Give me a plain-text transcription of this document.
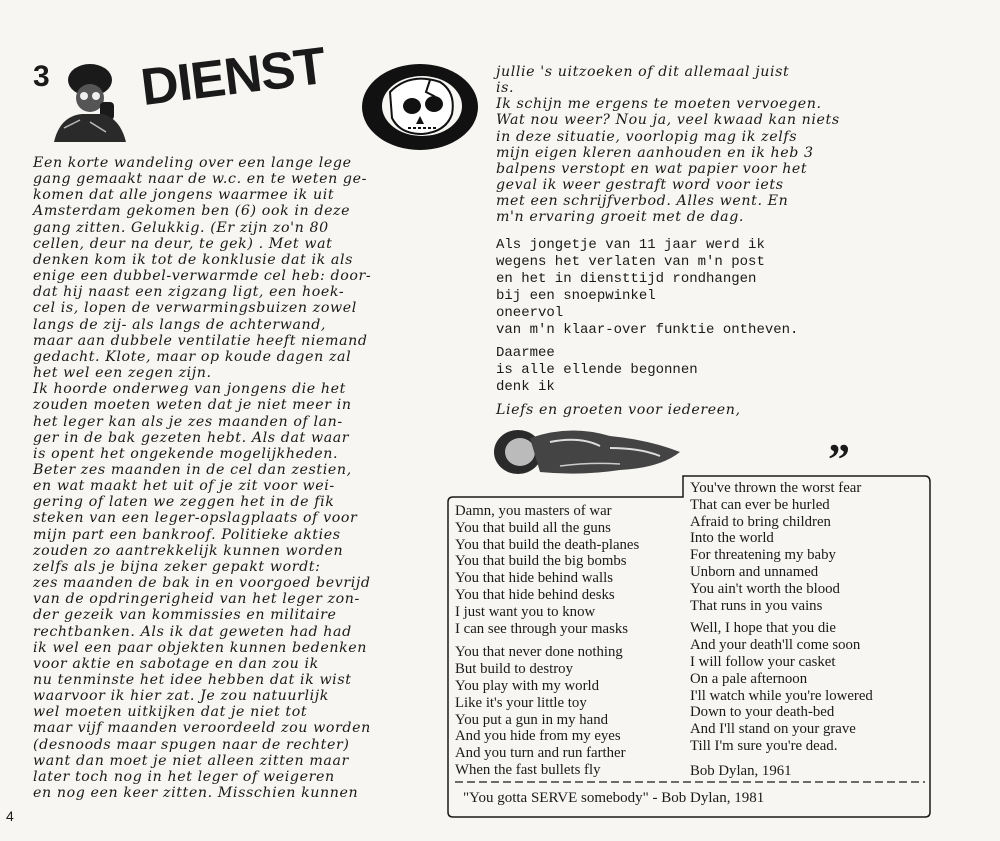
3 DIENST
Een korte wandeling over een lange lege
gang gemaakt naar de w.c. en te weten ge-
komen dat alle jongens waarmee ik uit
Amsterdam gekomen ben (6) ook in deze
gang zitten. Gelukkig. (Er zijn zo'n 80
cellen, deur na deur, te gek) . Met wat
denken kom ik tot de konklusie dat ik als
enige een dubbel-verwarmde cel heb: door-
dat hij naast een zigzang ligt, een hoek-
cel is, lopen de verwarmingsbuizen zowel
langs de zij- als langs de achterwand,
maar aan dubbele ventilatie heeft niemand
gedacht. Klote, maar op koude dagen zal
het wel een zegen zijn.
Ik hoorde onderweg van jongens die het
zouden moeten weten dat je niet meer in
het leger kan als je zes maanden of lan-
ger in de bak gezeten hebt. Als dat waar
is opent het ongekende mogelijkheden.
Beter zes maanden in de cel dan zestien,
en wat maakt het uit of je zit voor wei-
gering of laten we zeggen het in de fik
steken van een leger-opslagplaats of voor
mijn part een bankroof. Politieke akties
zouden zo aantrekkelijk kunnen worden
zelfs als je bijna zeker gepakt wordt:
zes maanden de bak in en voorgoed bevrijd
van de opdringerigheid van het leger zon-
der gezeik van kommissies en militaire
rechtbanken. Als ik dat geweten had had
ik wel een paar objekten kunnen bedenken
voor aktie en sabotage en dan zou ik
nu tenminste het idee hebben dat ik wist
waarvoor ik hier zat. Je zou natuurlijk
wel moeten uitkijken dat je niet tot
maar vijf maanden veroordeeld zou worden
(desnoods maar spugen naar de rechter)
want dan moet je niet alleen zitten maar
later toch nog in het leger of weigeren
en nog een keer zitten. Misschien kunnen
jullie 's uitzoeken of dit allemaal juist
is.
Ik schijn me ergens te moeten vervoegen.
Wat nou weer? Nou ja, veel kwaad kan niets
in deze situatie, voorlopig mag ik zelfs
mijn eigen kleren aanhouden en ik heb 3
balpens verstopt en wat papier voor het
geval ik weer gestraft word voor iets
met een schrijfverbod. Alles went. En
m'n ervaring groeit met de dag.
Als jongetje van 11 jaar werd ik
wegens het verlaten van m'n post
en het in diensttijd rondhangen
bij een snoepwinkel
oneervol
van m'n klaar-over funktie ontheven.
Daarmee
is alle ellende begonnen
denk ik
Liefs en groeten voor iedereen,
”
Damn, you masters of war
You that build all the guns
You that build the death-planes
You that build the big bombs
You that hide behind walls
You that hide behind desks
I just want you to know
I can see through your masks
You that never done nothing
But build to destroy
You play with my world
Like it's your little toy
You put a gun in my hand
And you hide from my eyes
And you turn and run farther
When the fast bullets fly
You've thrown the worst fear
That can ever be hurled
Afraid to bring children
Into the world
For threatening my baby
Unborn and unnamed
You ain't worth the blood
That runs in you vains
Well, I hope that you die
And your death'll come soon
I will follow your casket
On a pale afternoon
I'll watch while you're lowered
Down to your death-bed
And I'll stand on your grave
Till I'm sure you're dead.
Bob Dylan, 1961
"You gotta SERVE somebody" - Bob Dylan, 1981
4
